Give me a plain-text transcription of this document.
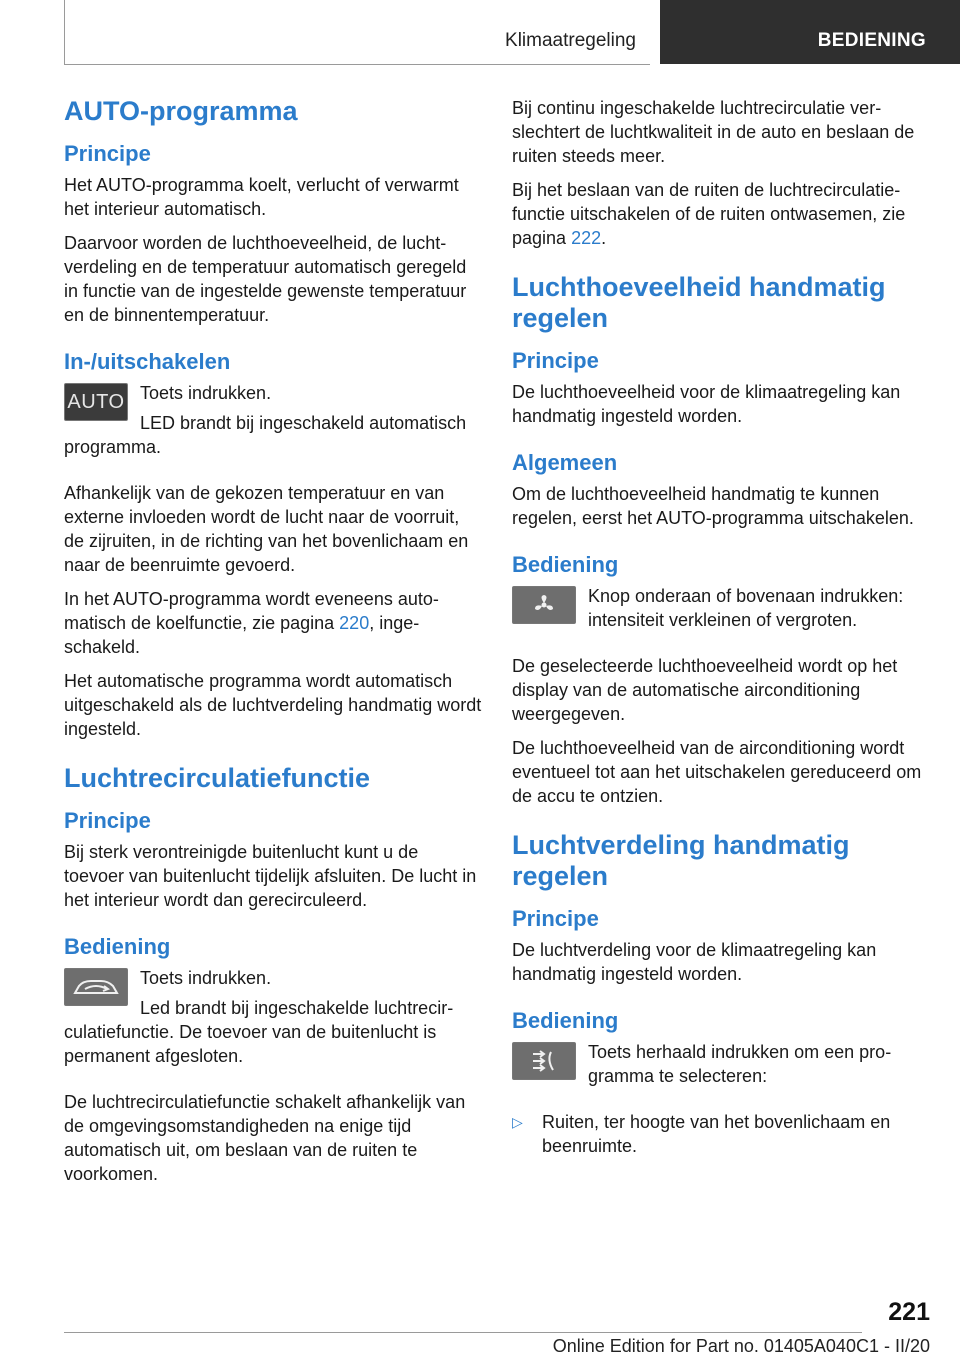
Klimaatregeling	BEDIENING
AUTO-programma
Principe

Het AUTO-programma koelt, verlucht of verwarmt het interieur automatisch.

Daarvoor worden de luchthoeveelheid, de luchtverdeling en de temperatuur automatisch geregeld in functie van de ingestelde gewenste temperatuur en de binnentemperatuur.

In-/uitschakelen
AUTO Toets indrukken.

LED brandt bij ingeschakeld automatisch programma.

Afhankelijk van de gekozen temperatuur en van externe invloeden wordt de lucht naar de voorruit, de zijruiten, in de richting van het bovenlichaam en naar de beenruimte gevoerd.

In het AUTO-programma wordt eveneens automatisch de koelfunctie, zie pagina 220, ingeschakeld.

Het automatische programma wordt automatisch uitgeschakeld als de luchtverdeling handmatig wordt ingesteld.

Luchtrecirculatiefunctie
Principe

Bij sterk verontreinigde buitenlucht kunt u de toevoer van buitenlucht tijdelijk afsluiten. De lucht in het interieur wordt dan gerecirculeerd.

Bediening

Toets indrukken.

Led brandt bij ingeschakelde luchtrecirculatiefunctie. De toevoer van de buitenlucht is permanent afgesloten.

De luchtrecirculatiefunctie schakelt afhankelijk van de omgevingsomstandigheden na enige tijd automatisch uit, om beslaan van de ruiten te voorkomen.

Bij continu ingeschakelde luchtrecirculatie verslechtert de luchtkwaliteit in de auto en beslaan de ruiten steeds meer.

Bij het beslaan van de ruiten de luchtrecirculatiefunctie uitschakelen of de ruiten ontwasemen, zie pagina 222.

Luchthoeveelheid handmatig regelen
Principe

De luchthoeveelheid voor de klimaatregeling kan handmatig ingesteld worden.

Algemeen

Om de luchthoeveelheid handmatig te kunnen regelen, eerst het AUTO-programma uitschakelen.

Bediening

Knop onderaan of bovenaan indrukken: intensiteit verkleinen of vergroten.

De geselecteerde luchthoeveelheid wordt op het display van de automatische airconditioning weergegeven.

De luchthoeveelheid van de airconditioning wordt eventueel tot aan het uitschakelen gereduceerd om de accu te ontzien.

Luchtverdeling handmatig regelen
Principe

De luchtverdeling voor de klimaatregeling kan handmatig ingesteld worden.

Bediening

Toets herhaald indrukken om een programma te selecteren:

▷ Ruiten, ter hoogte van het bovenlichaam en beenruimte.
221
Online Edition for Part no. 01405A040C1 - II/20
